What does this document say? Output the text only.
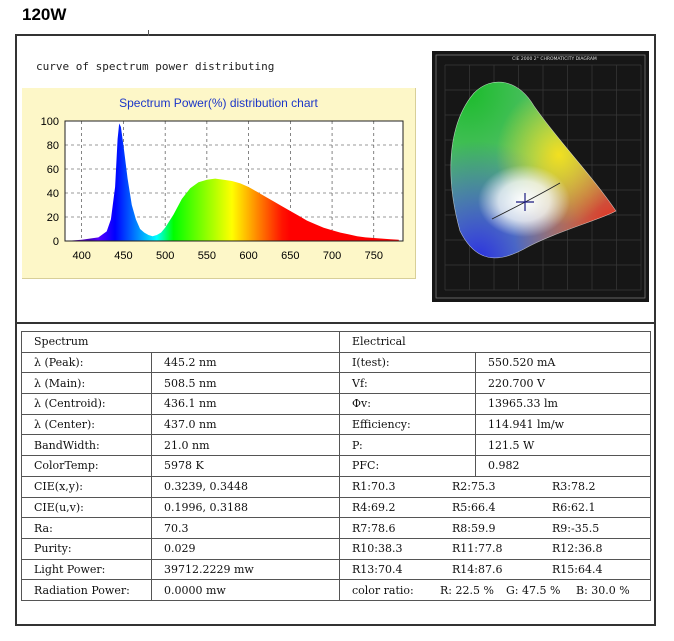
120W
curve of spectrum power distributing
400 450 500 550 600 650 700 750
0
20
40
60
80
100
Spectrum Power(%) distribution chart
CIE 2000 2° CHROMATICITY DIAGRAM
Spectrum		Electrical	
λ (Peak):	445.2 nm	I(test):	550.520 mA
λ (Main):	508.5 nm	Vf:	220.700 V
λ (Centroid):	436.1 nm	Φv:	13965.33 lm
λ (Center):	437.0 nm	Efficiency:	114.941 lm/w
BandWidth:	21.0 nm	P:	121.5 W
ColorTemp:	5978 K	PFC:	0.982
CIE(x,y):	0.3239, 0.3448	R1:70.3 R2:75.3 R3:78.2	
CIE(u,v):	0.1996, 0.3188	R4:69.2 R5:66.4 R6:62.1	
Ra:	70.3	R7:78.6 R8:59.9 R9:-35.5	
Purity:	0.029	R10:38.3 R11:77.8 R12:36.8	
Light Power:	39712.2229 mw	R13:70.4 R14:87.6 R15:64.4	
Radiation Power:	0.0000 mw	color ratio: R: 22.5 % G: 47.5 % B: 30.0 %	
